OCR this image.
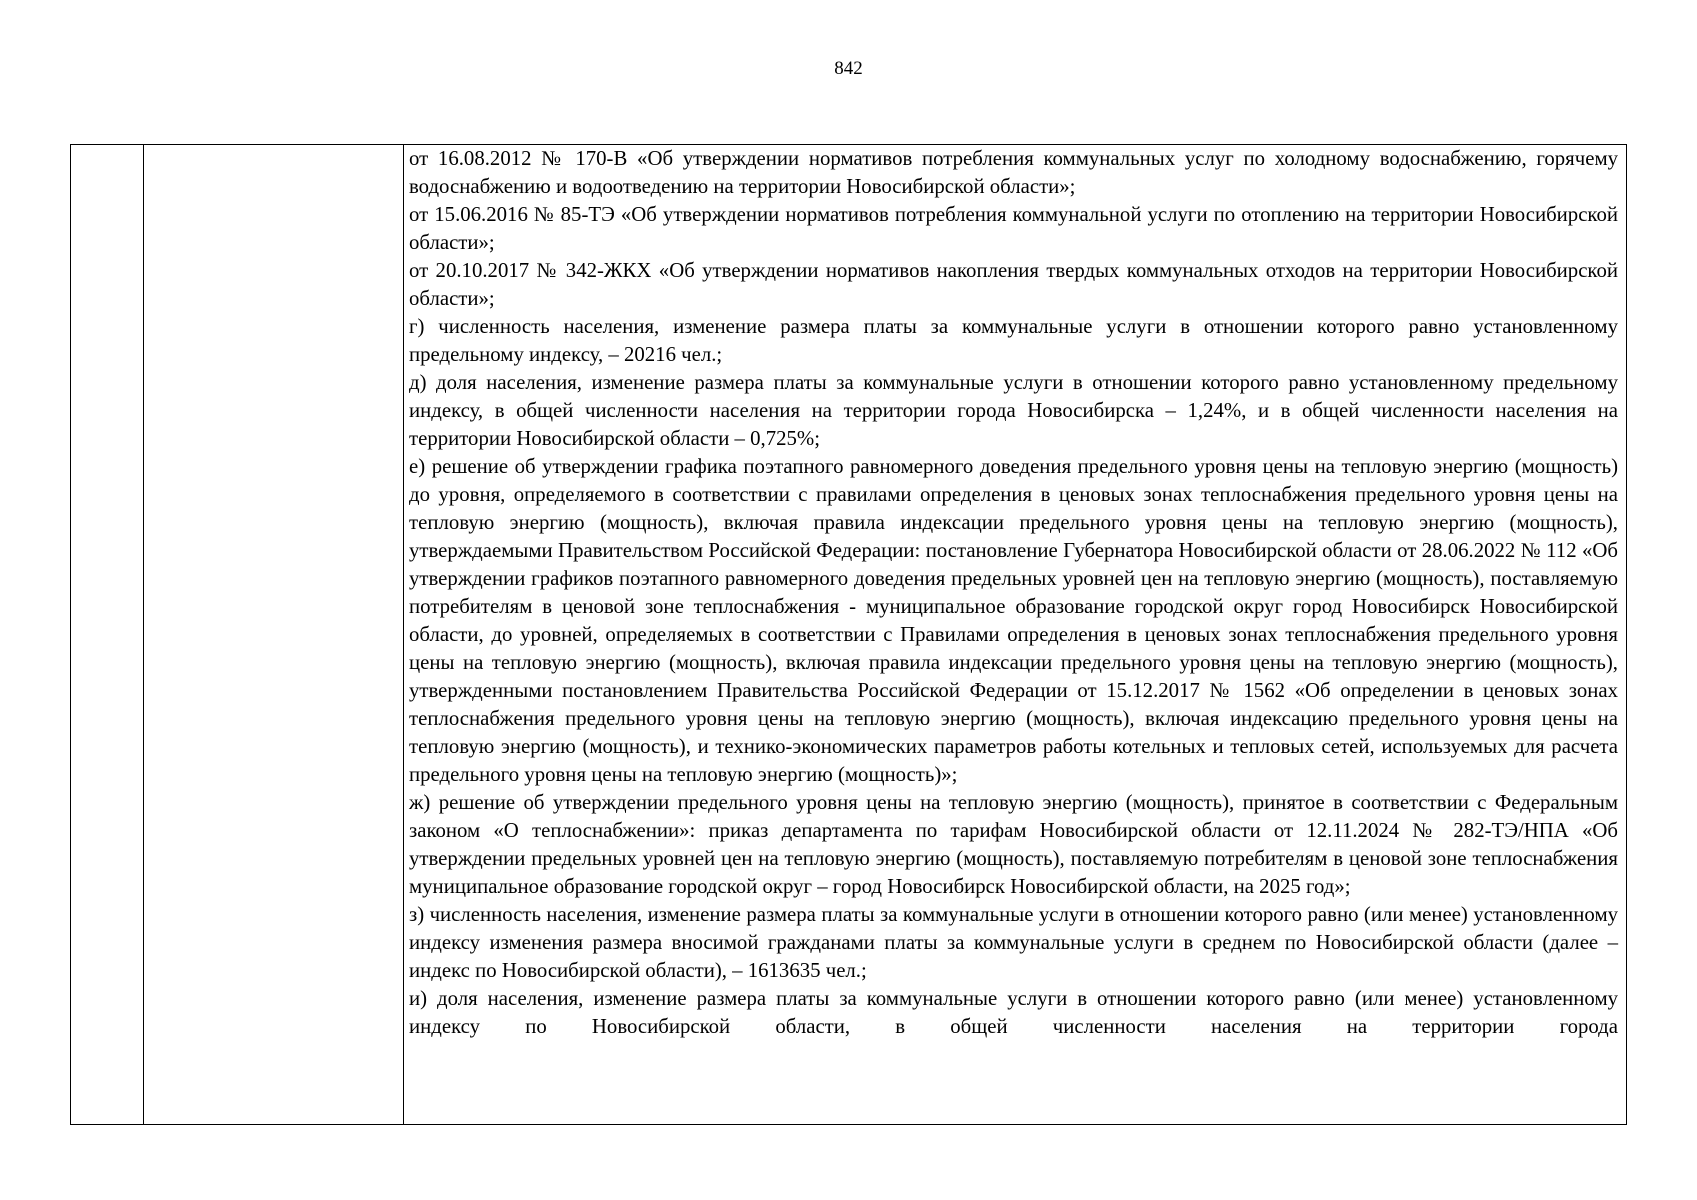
842

от 16.08.2012 № 170-В «Об утверждении нормативов потребления коммунальных услуг по холодному водоснабжению, горячему водоснабжению и водоотведению на территории Новосибирской области»;

от 15.06.2016 № 85-ТЭ «Об утверждении нормативов потребления коммунальной услуги по отоплению на территории Новосибирской области»;

от 20.10.2017 № 342-ЖКХ «Об утверждении нормативов накопления твердых коммунальных отходов на территории Новосибирской области»;

г) численность населения, изменение размера платы за коммунальные услуги в отношении которого равно установленному предельному индексу, – 20216 чел.;

д) доля населения, изменение размера платы за коммунальные услуги в отношении которого равно установленному предельному индексу, в общей численности населения на территории города Новосибирска – 1,24%, и в общей численности населения на территории Новосибирской области – 0,725%;

е) решение об утверждении графика поэтапного равномерного доведения предельного уровня цены на тепловую энергию (мощность) до уровня, определяемого в соответствии с правилами определения в ценовых зонах теплоснабжения предельного уровня цены на тепловую энергию (мощность), включая правила индексации предельного уровня цены на тепловую энергию (мощность), утверждаемыми Правительством Российской Федерации: постановление Губернатора Новосибирской области от 28.06.2022 № 112 «Об утверждении графиков поэтапного равномерного доведения предельных уровней цен на тепловую энергию (мощность), поставляемую потребителям в ценовой зоне теплоснабжения - муниципальное образование городской округ город Новосибирск Новосибирской области, до уровней, определяемых в соответствии с Правилами определения в ценовых зонах теплоснабжения предельного уровня цены на тепловую энергию (мощность), включая правила индексации предельного уровня цены на тепловую энергию (мощность), утвержденными постановлением Правительства Российской Федерации от 15.12.2017 № 1562 «Об определении в ценовых зонах теплоснабжения предельного уровня цены на тепловую энергию (мощность), включая индексацию предельного уровня цены на тепловую энергию (мощность), и технико-экономических параметров работы котельных и тепловых сетей, используемых для расчета предельного уровня цены на тепловую энергию (мощность)»;

ж) решение об утверждении предельного уровня цены на тепловую энергию (мощность), принятое в соответствии с Федеральным законом «О теплоснабжении»: приказ департамента по тарифам Новосибирской области от 12.11.2024 № 282-ТЭ/НПА «Об утверждении предельных уровней цен на тепловую энергию (мощность), поставляемую потребителям в ценовой зоне теплоснабжения муниципальное образование городской округ – город Новосибирск Новосибирской области, на 2025 год»;

з) численность населения, изменение размера платы за коммунальные услуги в отношении которого равно (или менее) установленному индексу изменения размера вносимой гражданами платы за коммунальные услуги в среднем по Новосибирской области (далее – индекс по Новосибирской области), – 1613635 чел.;

и) доля населения, изменение размера платы за коммунальные услуги в отношении которого равно (или менее) установленному индексу по Новосибирской области, в общей численности населения на территории города
